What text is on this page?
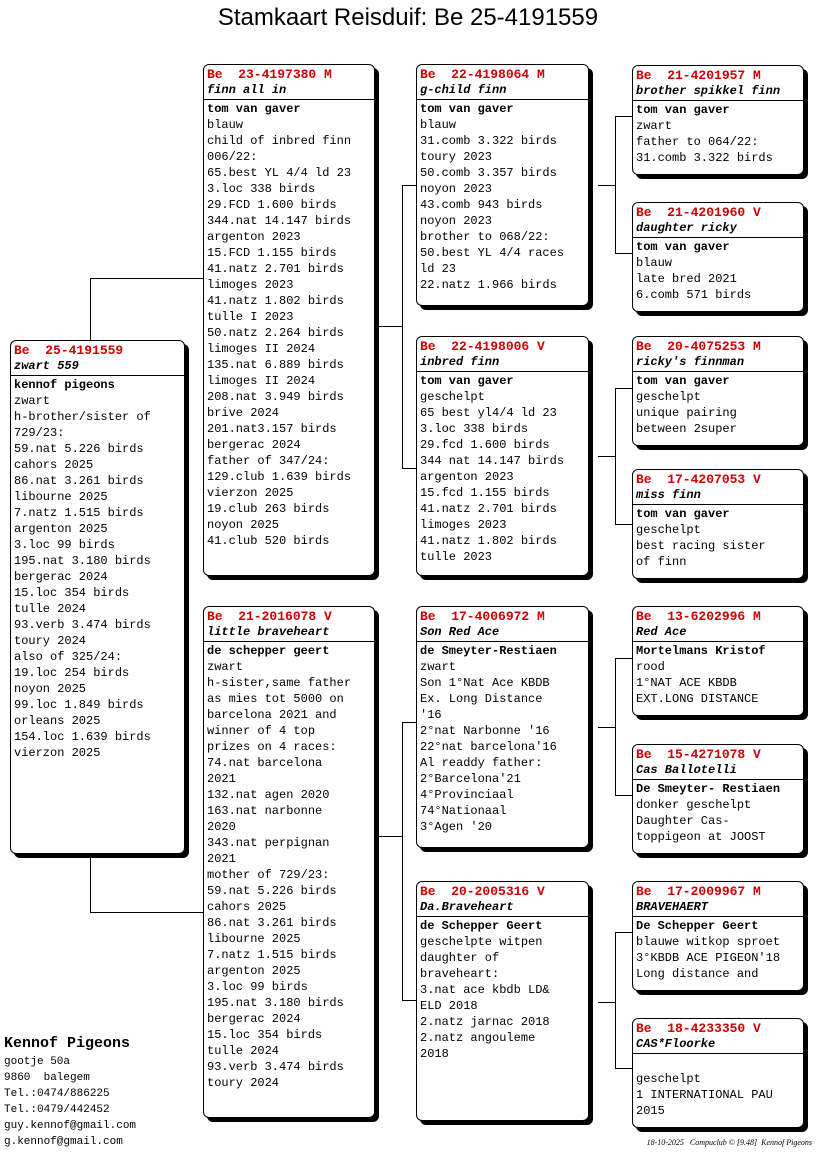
Stamkaart Reisduif: Be 25-4191559
Be  25-4191559
zwart 559
kennof pigeons
zwart
h-brother/sister of
729/23:
59.nat 5.226 birds
cahors 2025
86.nat 3.261 birds
libourne 2025
7.natz 1.515 birds
argenton 2025
3.loc 99 birds
195.nat 3.180 birds
bergerac 2024
15.loc 354 birds
tulle 2024
93.verb 3.474 birds
toury 2024
also of 325/24:
19.loc 254 birds
noyon 2025
99.loc 1.849 birds
orleans 2025
154.loc 1.639 birds
vierzon 2025
Be  23-4197380 M
finn all in
tom van gaver
blauw
child of inbred finn
006/22:
65.best YL 4/4 ld 23
3.loc 338 birds
29.FCD 1.600 birds
344.nat 14.147 birds
argenton 2023
15.FCD 1.155 birds
41.natz 2.701 birds
limoges 2023
41.natz 1.802 birds
tulle I 2023
50.natz 2.264 birds
limoges II 2024
135.nat 6.889 birds
limoges II 2024
208.nat 3.949 birds
brive 2024
201.nat3.157 birds
bergerac 2024
father of 347/24:
129.club 1.639 birds
vierzon 2025
19.club 263 birds
noyon 2025
41.club 520 birds
Be  21-2016078 V
little braveheart
de schepper geert
zwart
h-sister,same father
as mies tot 5000 on
barcelona 2021 and
winner of 4 top
prizes on 4 races:
74.nat barcelona
2021
132.nat agen 2020
163.nat narbonne
2020
343.nat perpignan
2021
mother of 729/23:
59.nat 5.226 birds
cahors 2025
86.nat 3.261 birds
libourne 2025
7.natz 1.515 birds
argenton 2025
3.loc 99 birds
195.nat 3.180 birds
bergerac 2024
15.loc 354 birds
tulle 2024
93.verb 3.474 birds
toury 2024
Be  22-4198064 M
g-child finn
tom van gaver
blauw
31.comb 3.322 birds
toury 2023
50.comb 3.357 birds
noyon 2023
43.comb 943 birds
noyon 2023
brother to 068/22:
50.best YL 4/4 races
ld 23
22.natz 1.966 birds
Be  22-4198006 V
inbred finn
tom van gaver
geschelpt
65 best yl4/4 ld 23
3.loc 338 birds
29.fcd 1.600 birds
344 nat 14.147 birds
argenton 2023
15.fcd 1.155 birds
41.natz 2.701 birds
limoges 2023
41.natz 1.802 birds
tulle 2023
Be  17-4006972 M
Son Red Ace
de Smeyter-Restiaen
zwart
Son 1°Nat Ace KBDB
Ex. Long Distance
'16
2°nat Narbonne '16
22°nat barcelona'16
Al readdy father:
2°Barcelona'21
4°Provinciaal
74°Nationaal
3°Agen '20
Be  20-2005316 V
Da.Braveheart
de Schepper Geert
geschelpte witpen
daughter of
braveheart:
3.nat ace kbdb LD&
ELD 2018
2.natz jarnac 2018
2.natz angouleme
2018
Be  21-4201957 M
brother spikkel finn
tom van gaver
zwart
father to 064/22:
31.comb 3.322 birds
Be  21-4201960 V
daughter ricky
tom van gaver
blauw
late bred 2021
6.comb 571 birds
Be  20-4075253 M
ricky's finnman
tom van gaver
geschelpt
unique pairing
between 2super
Be  17-4207053 V
miss finn
tom van gaver
geschelpt
best racing sister
of finn
Be  13-6202996 M
Red Ace
Mortelmans Kristof
rood
1°NAT ACE KBDB
EXT.LONG DISTANCE
Be  15-4271078 V
Cas Ballotelli
De Smeyter- Restiaen
donker geschelpt
Daughter Cas-
toppigeon at JOOST
Be  17-2009967 M
BRAVEHAERT
De Schepper Geert
blauwe witkop sproet
3°KBDB ACE PIGEON'18
Long distance and
Be  18-4233350 V
CAS*Floorke
geschelpt
1 INTERNATIONAL PAU
2015
Kennof Pigeons
gootje 50a
9860  balegem
Tel.:0474/886225
Tel.:0479/442452
guy.kennof@gmail.com
g.kennof@gmail.com	18-10-2025   Compuclub © [9.48]  Kennof Pigeons
